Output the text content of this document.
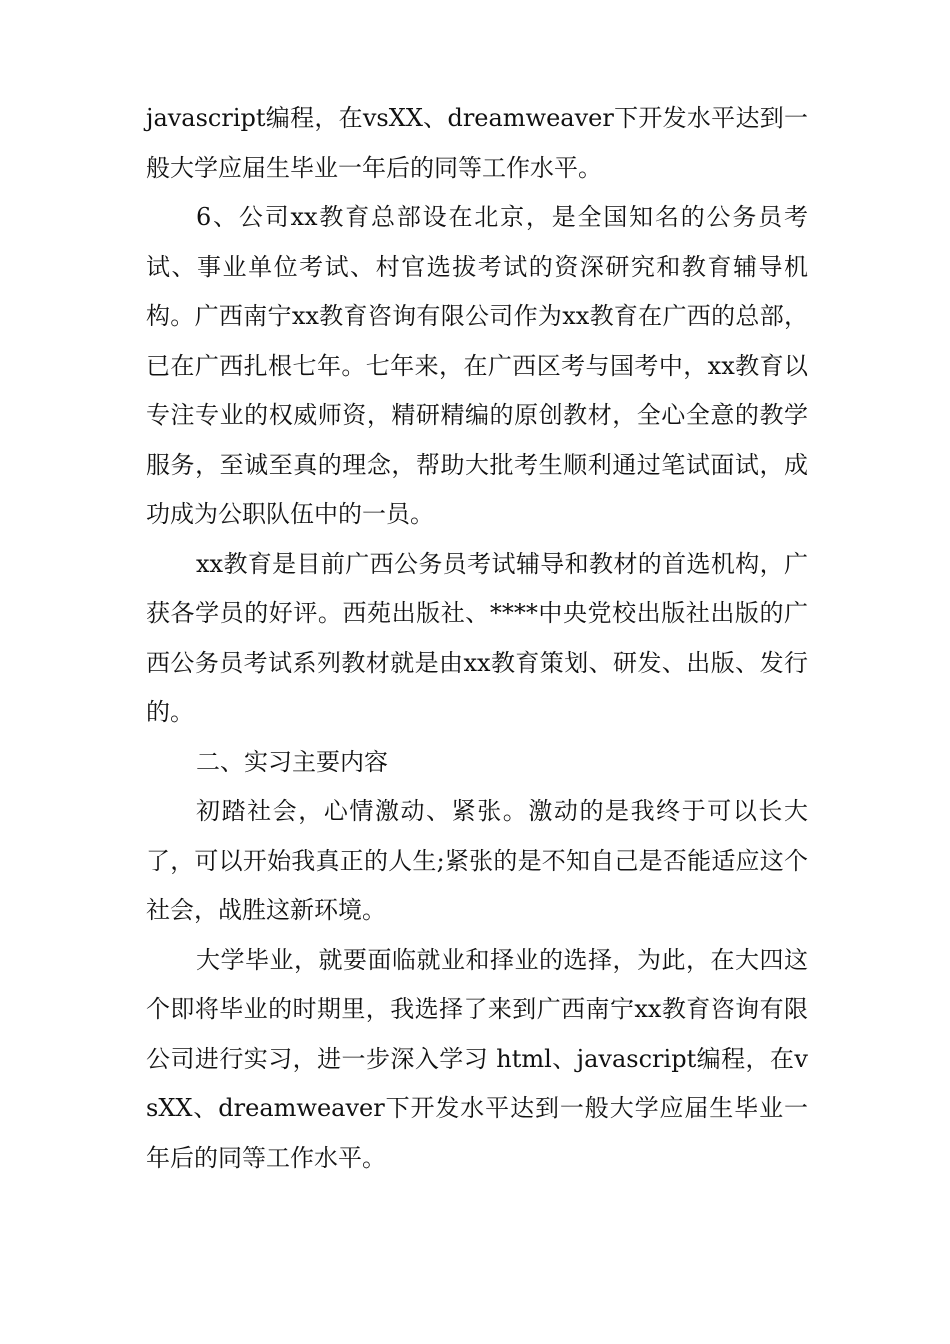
javascript编程，在vsXX、dreamweaver下开发水平达到一般大学应届生毕业一年后的同等工作水平。

6、公司xx教育总部设在北京，是全国知名的公务员考试、事业单位考试、村官选拔考试的资深研究和教育辅导机构。广西南宁xx教育咨询有限公司作为xx教育在广西的总部，已在广西扎根七年。七年来，在广西区考与国考中，xx教育以专注专业的权威师资，精研精编的原创教材，全心全意的教学服务，至诚至真的理念，帮助大批考生顺利通过笔试面试，成功成为公职队伍中的一员。

xx教育是目前广西公务员考试辅导和教材的首选机构，广获各学员的好评。西苑出版社、****中央党校出版社出版的广西公务员考试系列教材就是由xx教育策划、研发、出版、发行的。

二、实习主要内容

初踏社会，心情激动、紧张。激动的是我终于可以长大了，可以开始我真正的人生;紧张的是不知自己是否能适应这个社会，战胜这新环境。

大学毕业，就要面临就业和择业的选择，为此，在大四这个即将毕业的时期里，我选择了来到广西南宁xx教育咨询有限公司进行实习，进一步深入学习 html、javascript编程，在vsXX、dreamweaver下开发水平达到一般大学应届生毕业一年后的同等工作水平。
